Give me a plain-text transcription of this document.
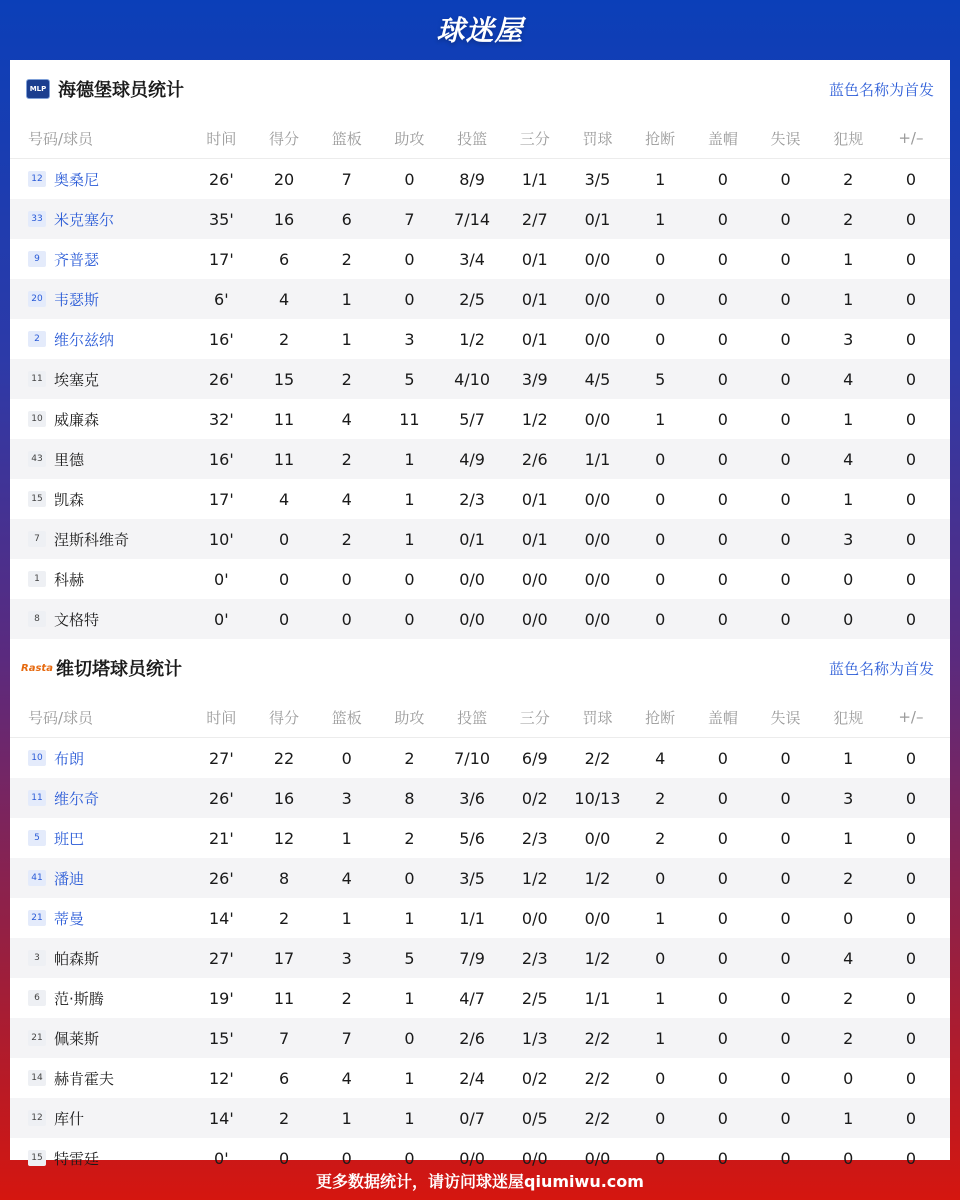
球迷屋
MLP 海德堡球员统计	蓝色名称为首发
号码/球员	时间	得分	篮板	助攻	投篮	三分	罚球	抢断	盖帽	失误	犯规	+/–
12 奥桑尼	26'	20	7	0	8/9	1/1	3/5	1	0	0	2	0
33 米克塞尔	35'	16	6	7	7/14	2/7	0/1	1	0	0	2	0
9 齐普瑟	17'	6	2	0	3/4	0/1	0/0	0	0	0	1	0
20 韦瑟斯	6'	4	1	0	2/5	0/1	0/0	0	0	0	1	0
2 维尔兹纳	16'	2	1	3	1/2	0/1	0/0	0	0	0	3	0
11 埃塞克	26'	15	2	5	4/10	3/9	4/5	5	0	0	4	0
10 威廉森	32'	11	4	11	5/7	1/2	0/0	1	0	0	1	0
43 里德	16'	11	2	1	4/9	2/6	1/1	0	0	0	4	0
15 凯森	17'	4	4	1	2/3	0/1	0/0	0	0	0	1	0
7 涅斯科维奇	10'	0	2	1	0/1	0/1	0/0	0	0	0	3	0
1 科赫	0'	0	0	0	0/0	0/0	0/0	0	0	0	0	0
8 文格特	0'	0	0	0	0/0	0/0	0/0	0	0	0	0	0
Rasta 维切塔球员统计	蓝色名称为首发
号码/球员	时间	得分	篮板	助攻	投篮	三分	罚球	抢断	盖帽	失误	犯规	+/–
10 布朗	27'	22	0	2	7/10	6/9	2/2	4	0	0	1	0
11 维尔奇	26'	16	3	8	3/6	0/2	10/13	2	0	0	3	0
5 班巴	21'	12	1	2	5/6	2/3	0/0	2	0	0	1	0
41 潘迪	26'	8	4	0	3/5	1/2	1/2	0	0	0	2	0
21 蒂曼	14'	2	1	1	1/1	0/0	0/0	1	0	0	0	0
3 帕森斯	27'	17	3	5	7/9	2/3	1/2	0	0	0	4	0
6 范·斯腾	19'	11	2	1	4/7	2/5	1/1	1	0	0	2	0
21 佩莱斯	15'	7	7	0	2/6	1/3	2/2	1	0	0	2	0
14 赫肯霍夫	12'	6	4	1	2/4	0/2	2/2	0	0	0	0	0
12 库什	14'	2	1	1	0/7	0/5	2/2	0	0	0	1	0
15 特雷廷	0'	0	0	0	0/0	0/0	0/0	0	0	0	0	0
更多数据统计，请访问球迷屋qiumiwu.com
